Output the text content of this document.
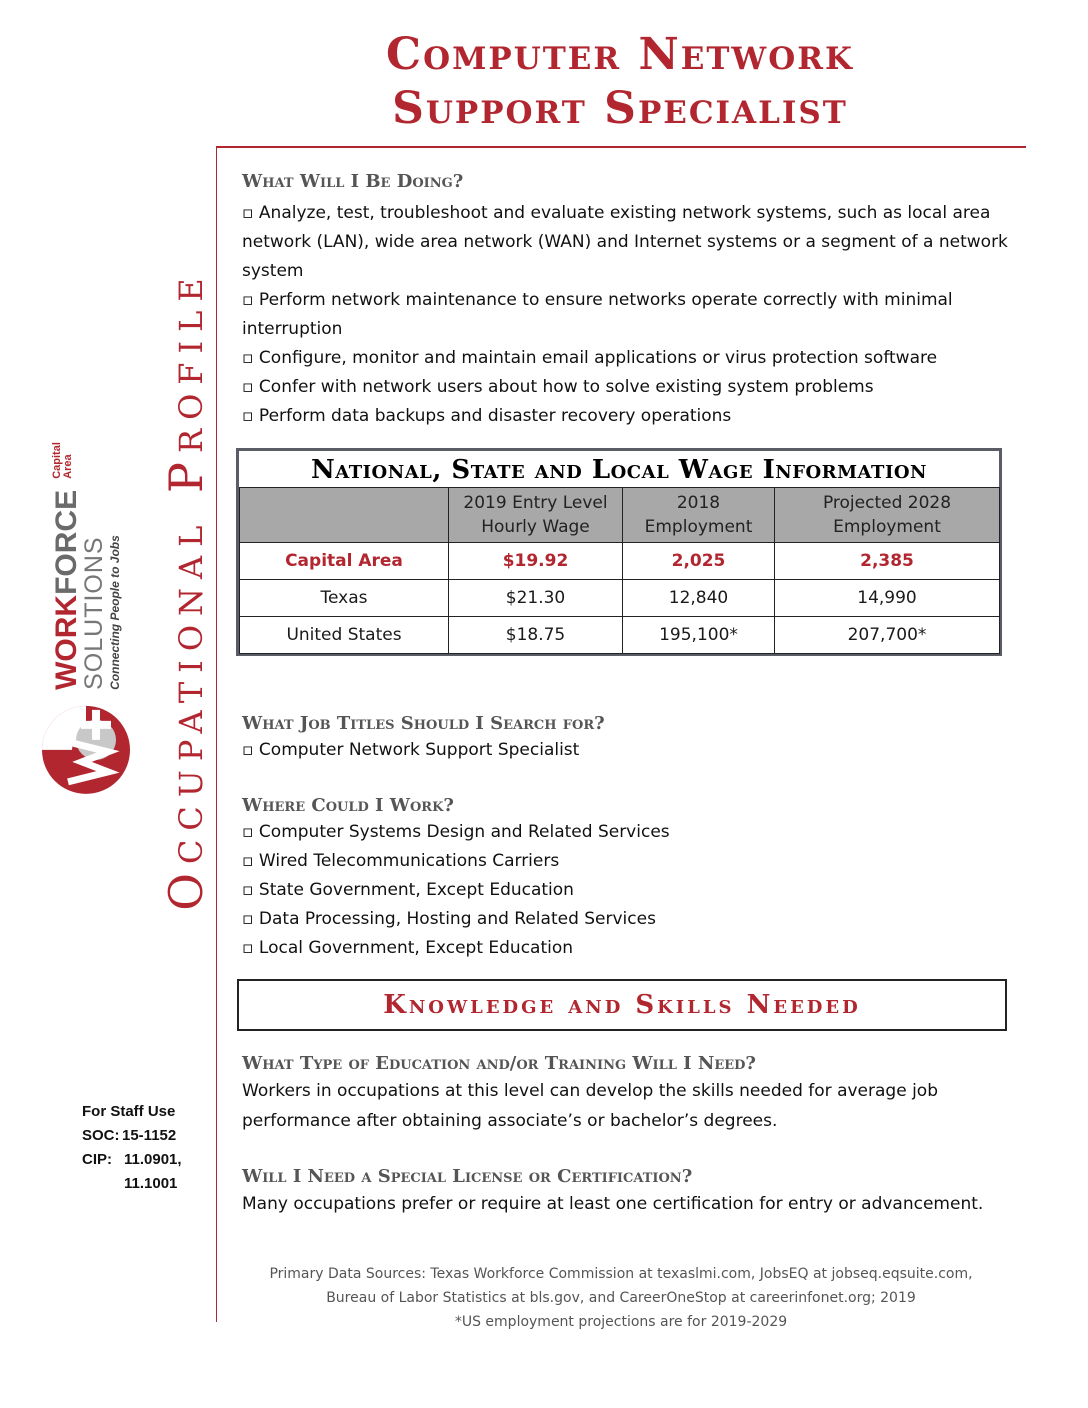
Computer Network
Support Specialist
Occupational Profile
WORKFORCE Capital
Area
SOLUTIONS Connecting People to Jobs
What Will I Be Doing?

▫ Analyze, test, troubleshoot and evaluate existing network systems, such as local area network (LAN), wide area network (WAN) and Internet systems or a segment of a network system

▫ Perform network maintenance to ensure networks operate correctly with minimal interruption

▫ Configure, monitor and maintain email applications or virus protection software

▫ Confer with network users about how to solve existing system problems

▫ Perform data backups and disaster recovery operations

National, State and Local Wage Information
	2019 Entry Level Hourly Wage	2018 Employment	Projected 2028 Employment
Capital Area	$19.92	2,025	2,385
Texas	$21.30	12,840	14,990
United States	$18.75	195,100*	207,700*
What Job Titles Should I Search for?

▫ Computer Network Support Specialist

Where Could I Work?

▫ Computer Systems Design and Related Services

▫ Wired Telecommunications Carriers

▫ State Government, Except Education

▫ Data Processing, Hosting and Related Services

▫ Local Government, Except Education

Knowledge and Skills Needed
What Type of Education and/or Training Will I Need?

Workers in occupations at this level can develop the skills needed for average job performance after obtaining associate’s or bachelor’s degrees.

Will I Need a Special License or Certification?

Many occupations prefer or require at least one certification for entry or advancement.

For Staff Use
SOC: 15-1152
CIP: 11.0901,
11.1001
Primary Data Sources: Texas Workforce Commission at texaslmi.com, JobsEQ at jobseq.eqsuite.com,
Bureau of Labor Statistics at bls.gov, and CareerOneStop at careerinfonet.org; 2019
*US employment projections are for 2019-2029
